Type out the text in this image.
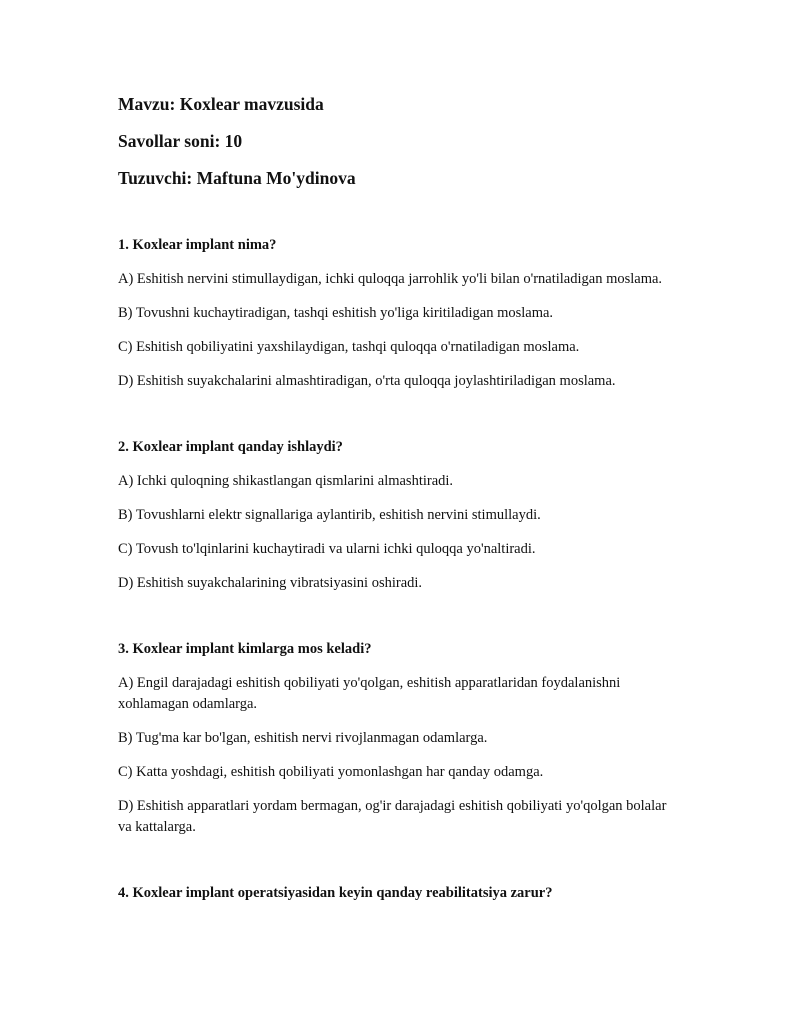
Mavzu: Koxlear mavzusida
Savollar soni: 10
Tuzuvchi: Maftuna Mo'ydinova
1. Koxlear implant nima?
A) Eshitish nervini stimullaydigan, ichki quloqqa jarrohlik yo'li bilan o'rnatiladigan moslama.
B) Tovushni kuchaytiradigan, tashqi eshitish yo'liga kiritiladigan moslama.
C) Eshitish qobiliyatini yaxshilaydigan, tashqi quloqqa o'rnatiladigan moslama.
D) Eshitish suyakchalarini almashtiradigan, o'rta quloqqa joylashtiriladigan moslama.
2. Koxlear implant qanday ishlaydi?
A) Ichki quloqning shikastlangan qismlarini almashtiradi.
B) Tovushlarni elektr signallariga aylantirib, eshitish nervini stimullaydi.
C) Tovush to'lqinlarini kuchaytiradi va ularni ichki quloqqa yo'naltiradi.
D) Eshitish suyakchalarining vibratsiyasini oshiradi.
3. Koxlear implant kimlarga mos keladi?
A) Engil darajadagi eshitish qobiliyati yo'qolgan, eshitish apparatlaridan foydalanishni xohlamagan odamlarga.
B) Tug'ma kar bo'lgan, eshitish nervi rivojlanmagan odamlarga.
C) Katta yoshdagi, eshitish qobiliyati yomonlashgan har qanday odamga.
D) Eshitish apparatlari yordam bermagan, og'ir darajadagi eshitish qobiliyati yo'qolgan bolalar va kattalarga.
4. Koxlear implant operatsiyasidan keyin qanday reabilitatsiya zarur?
